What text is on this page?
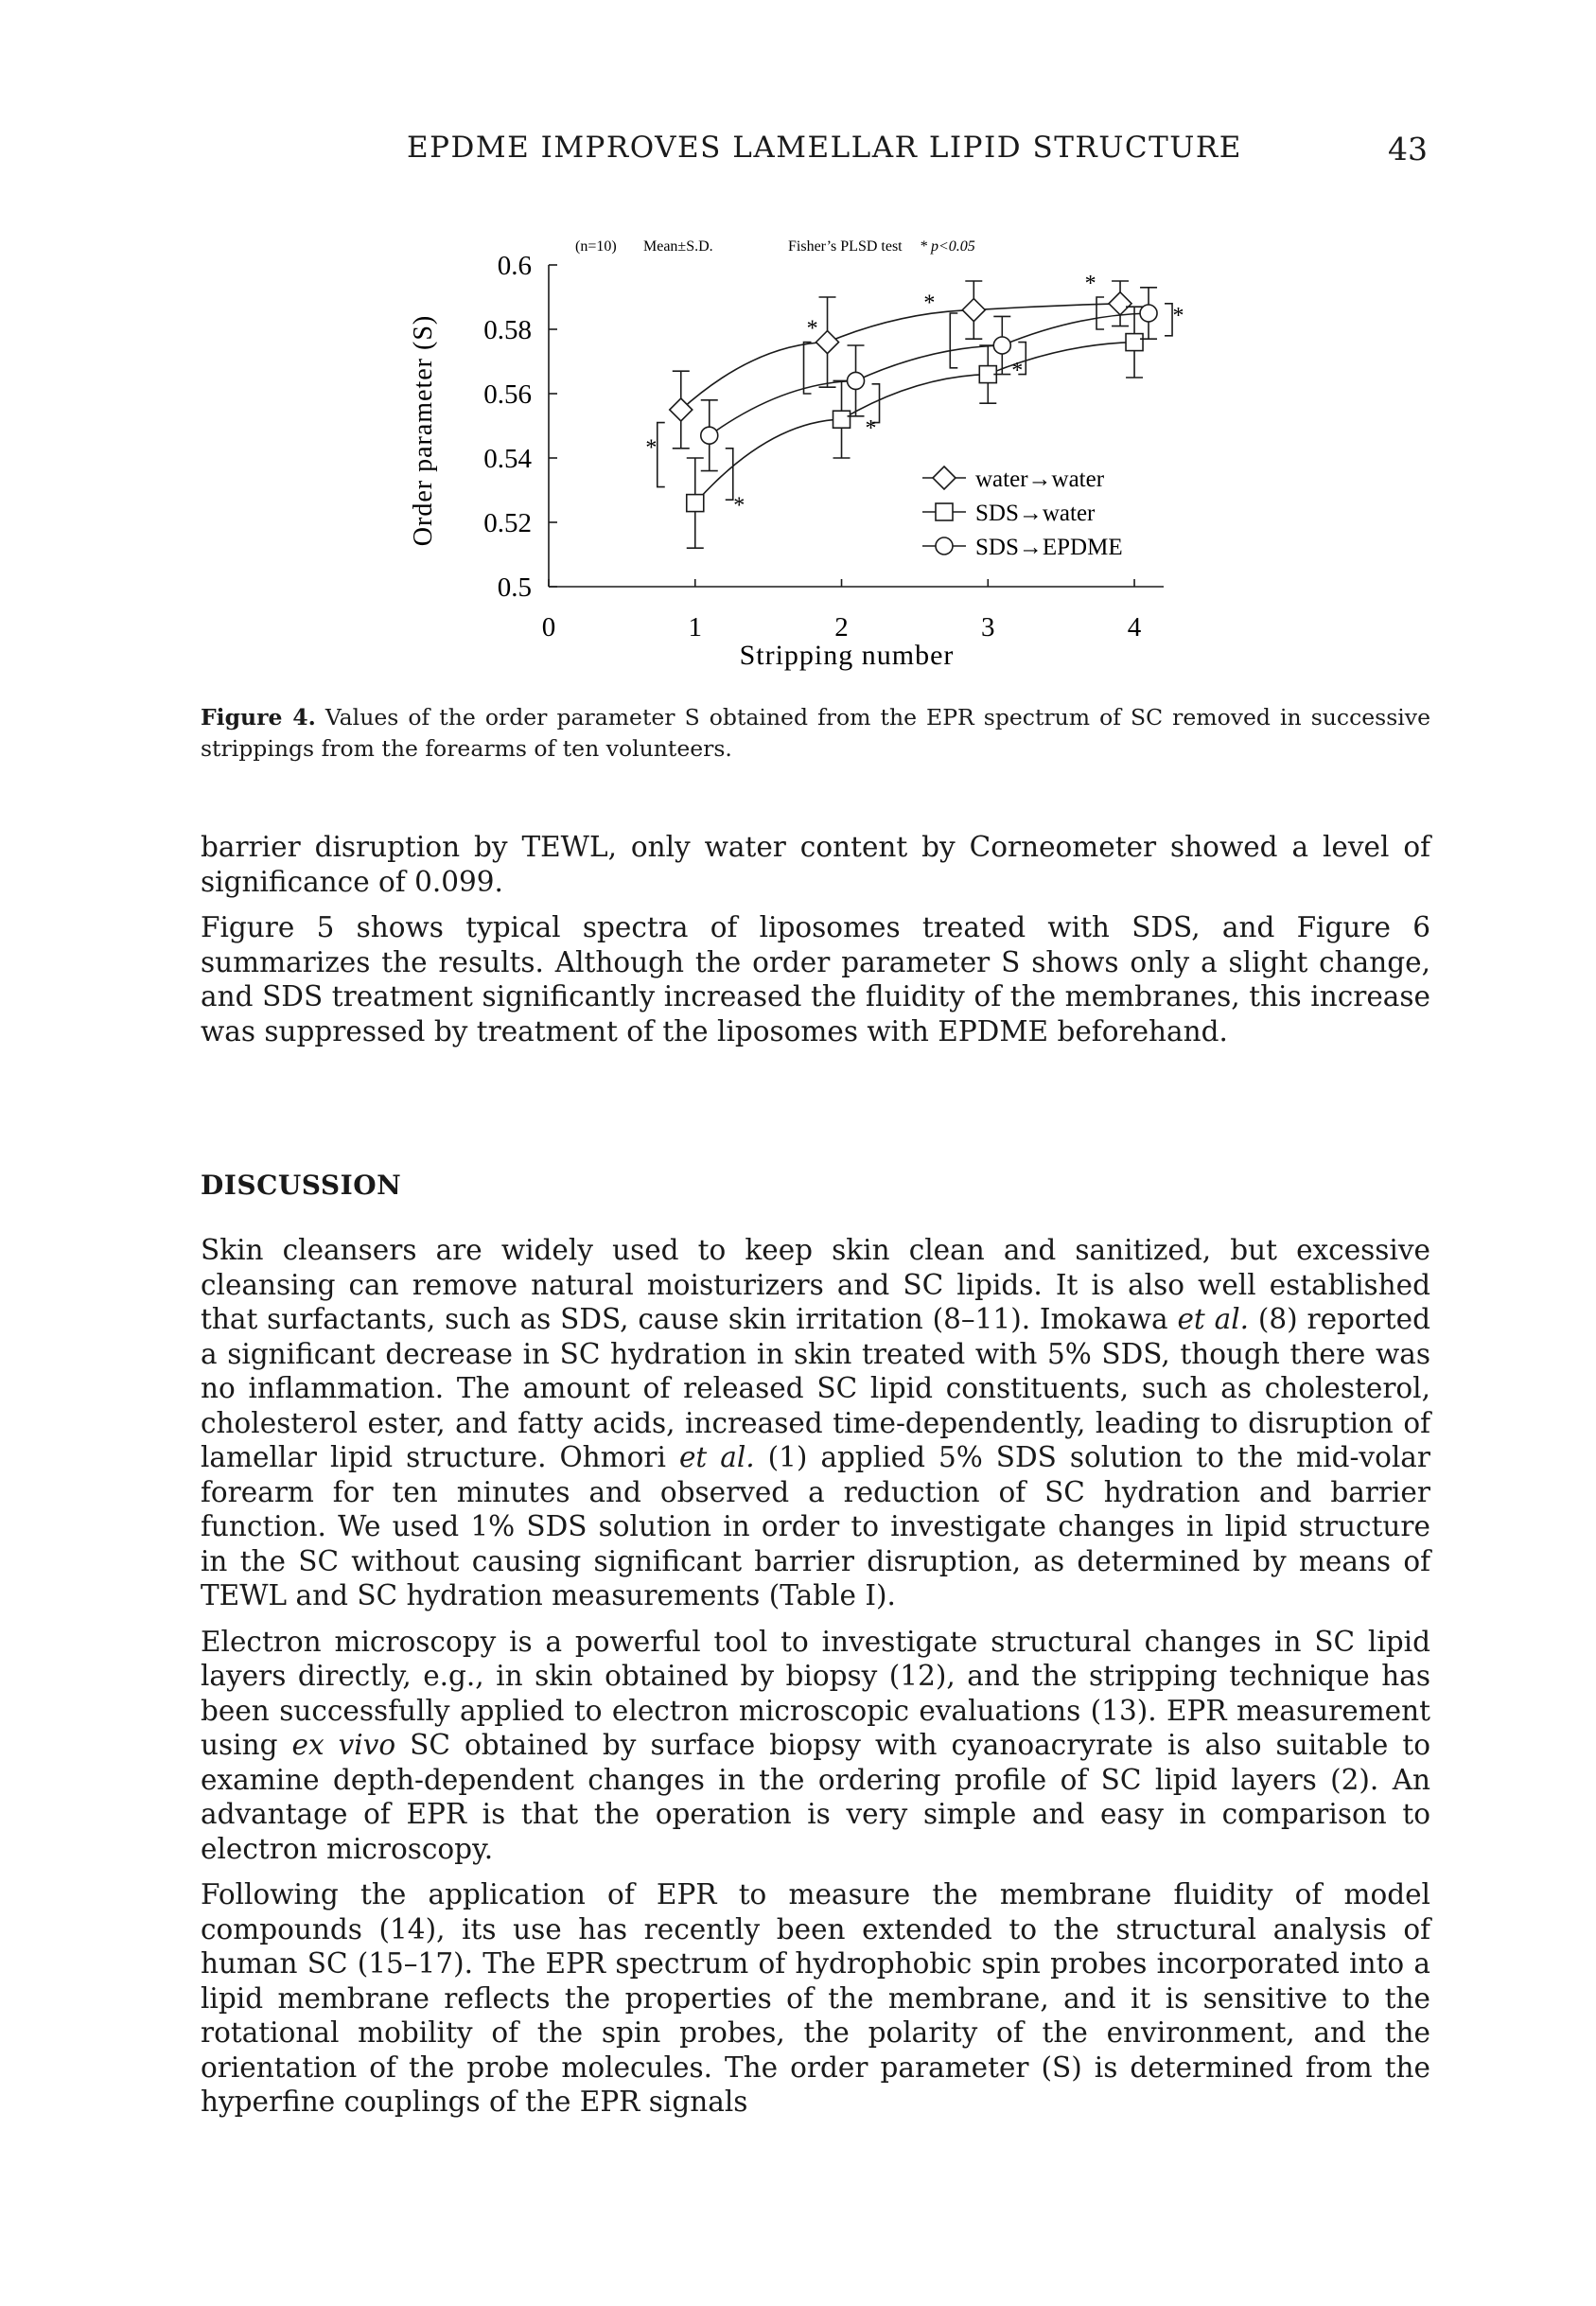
EPDME IMPROVES LAMELLAR LIPID STRUCTURE	43
0.5
0.52
0.54
0.56
0.58
0.6
0	1	2	3	4
*
*
*
*
*
*
*
*
water→water
SDS→water
SDS→EPDME
Stripping number
Order parameter (S)
(n=10) Mean±S.D.	Fisher’s PLSD test * p<0.05
Figure 4. Values of the order parameter S obtained from the EPR spectrum of SC removed in successive strippings from the forearms of ten volunteers.

barrier disruption by TEWL, only water content by Corneometer showed a level of significance of 0.099.

Figure 5 shows typical spectra of liposomes treated with SDS, and Figure 6 summarizes the results. Although the order parameter S shows only a slight change, and SDS treatment significantly increased the fluidity of the membranes, this increase was suppressed by treatment of the liposomes with EPDME beforehand.

DISCUSSION

Skin cleansers are widely used to keep skin clean and sanitized, but excessive cleansing can remove natural moisturizers and SC lipids. It is also well established that surfactants, such as SDS, cause skin irritation (8–11). Imokawa et al. (8) reported a significant decrease in SC hydration in skin treated with 5% SDS, though there was no inflammation. The amount of released SC lipid constituents, such as cholesterol, cholesterol ester, and fatty acids, increased time-dependently, leading to disruption of lamellar lipid structure. Ohmori et al. (1) applied 5% SDS solution to the mid-volar forearm for ten minutes and observed a reduction of SC hydration and barrier function. We used 1% SDS solution in order to investigate changes in lipid structure in the SC without causing significant barrier disruption, as determined by means of TEWL and SC hydration measurements (Table I).

Electron microscopy is a powerful tool to investigate structural changes in SC lipid layers directly, e.g., in skin obtained by biopsy (12), and the stripping technique has been successfully applied to electron microscopic evaluations (13). EPR measurement using ex vivo SC obtained by surface biopsy with cyanoacryrate is also suitable to examine depth-dependent changes in the ordering profile of SC lipid layers (2). An advantage of EPR is that the operation is very simple and easy in comparison to electron microscopy.

Following the application of EPR to measure the membrane fluidity of model compounds (14), its use has recently been extended to the structural analysis of human SC (15–17). The EPR spectrum of hydrophobic spin probes incorporated into a lipid membrane reflects the properties of the membrane, and it is sensitive to the rotational mobility of the spin probes, the polarity of the environment, and the orientation of the probe molecules. The order parameter (S) is determined from the hyperfine couplings of the EPR signals
